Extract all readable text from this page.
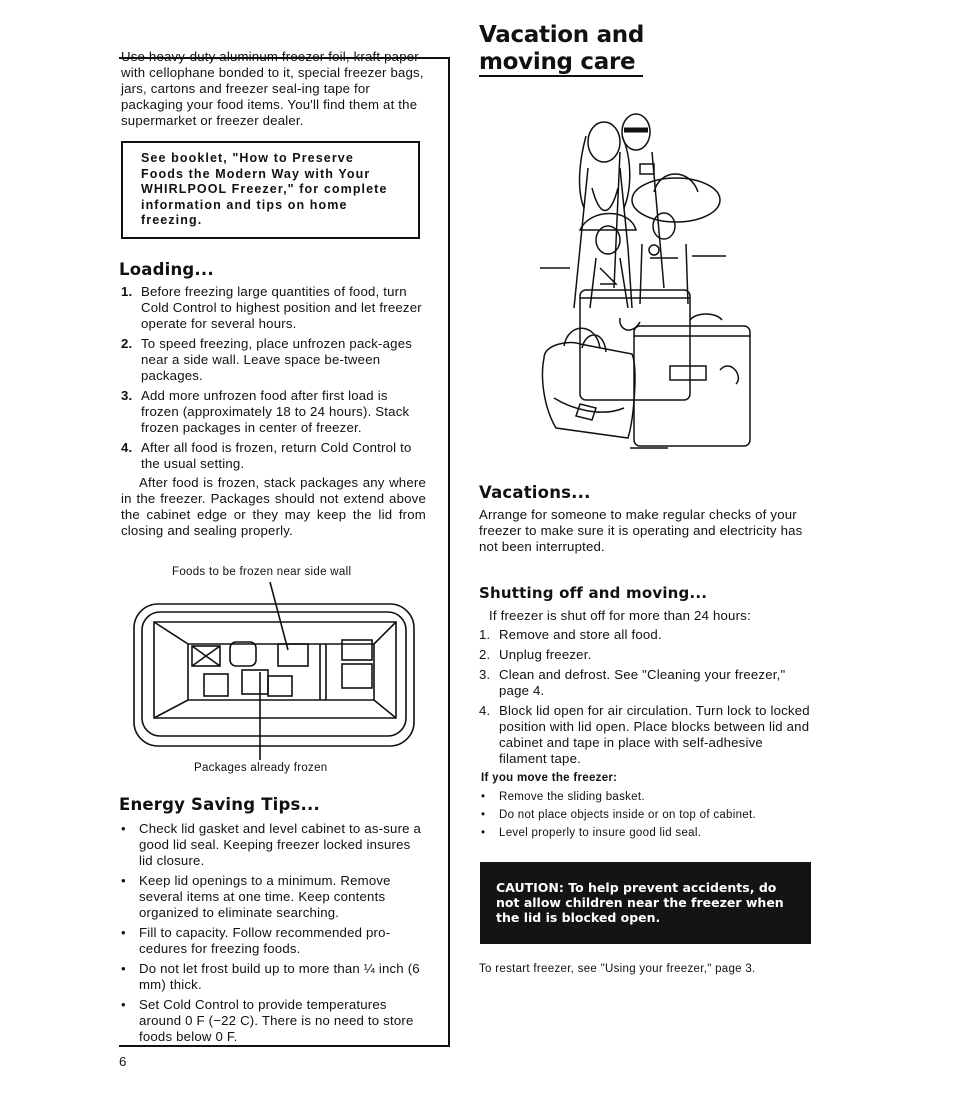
Use heavy-duty aluminum freezer foil, kraft paper with cellophane bonded to it, special freezer bags, jars, cartons and freezer seal-ing tape for packaging your food items. You'll find them at the supermarket or freezer dealer.

See booklet, "How to Preserve Foods the Modern Way with Your WHIRLPOOL Freezer," for complete information and tips on home freezing.
Loading...
1. Before freezing large quantities of food, turn Cold Control to highest position and let freezer operate for several hours.
2. To speed freezing, place unfrozen pack-ages near a side wall. Leave space be-tween packages.
3. Add more unfrozen food after first load is frozen (approximately 18 to 24 hours). Stack frozen packages in center of freezer.
4. After all food is frozen, return Cold Control to the usual setting.

After food is frozen, stack packages any where in the freezer. Packages should not extend above the cabinet edge or they may keep the lid from closing and sealing properly.

Foods to be frozen near side wall
Packages already frozen
Energy Saving Tips...
• Check lid gasket and level cabinet to as-sure a good lid seal. Keeping freezer locked insures lid closure.
• Keep lid openings to a minimum. Remove several items at one time. Keep contents organized to eliminate searching.
• Fill to capacity. Follow recommended pro-cedures for freezing foods.
• Do not let frost build up to more than ¼ inch (6 mm) thick.
• Set Cold Control to provide temperatures around 0 F (−22 C). There is no need to store foods below 0 F.
6
Vacation and
moving care
Vacations...

Arrange for someone to make regular checks of your freezer to make sure it is operating and electricity has not been interrupted.

Shutting off and moving...

If freezer is shut off for more than 24 hours:

1. Remove and store all food.
2. Unplug freezer.
3. Clean and defrost. See "Cleaning your freezer," page 4.
4. Block lid open for air circulation. Turn lock to locked position with lid open. Place blocks between lid and cabinet and tape in place with self-adhesive filament tape.
If you move the freezer:
• Remove the sliding basket.
• Do not place objects inside or on top of cabinet.
• Level properly to insure good lid seal.
CAUTION: To help prevent accidents, do not allow children near the freezer when the lid is blocked open.
To restart freezer, see "Using your freezer," page 3.
